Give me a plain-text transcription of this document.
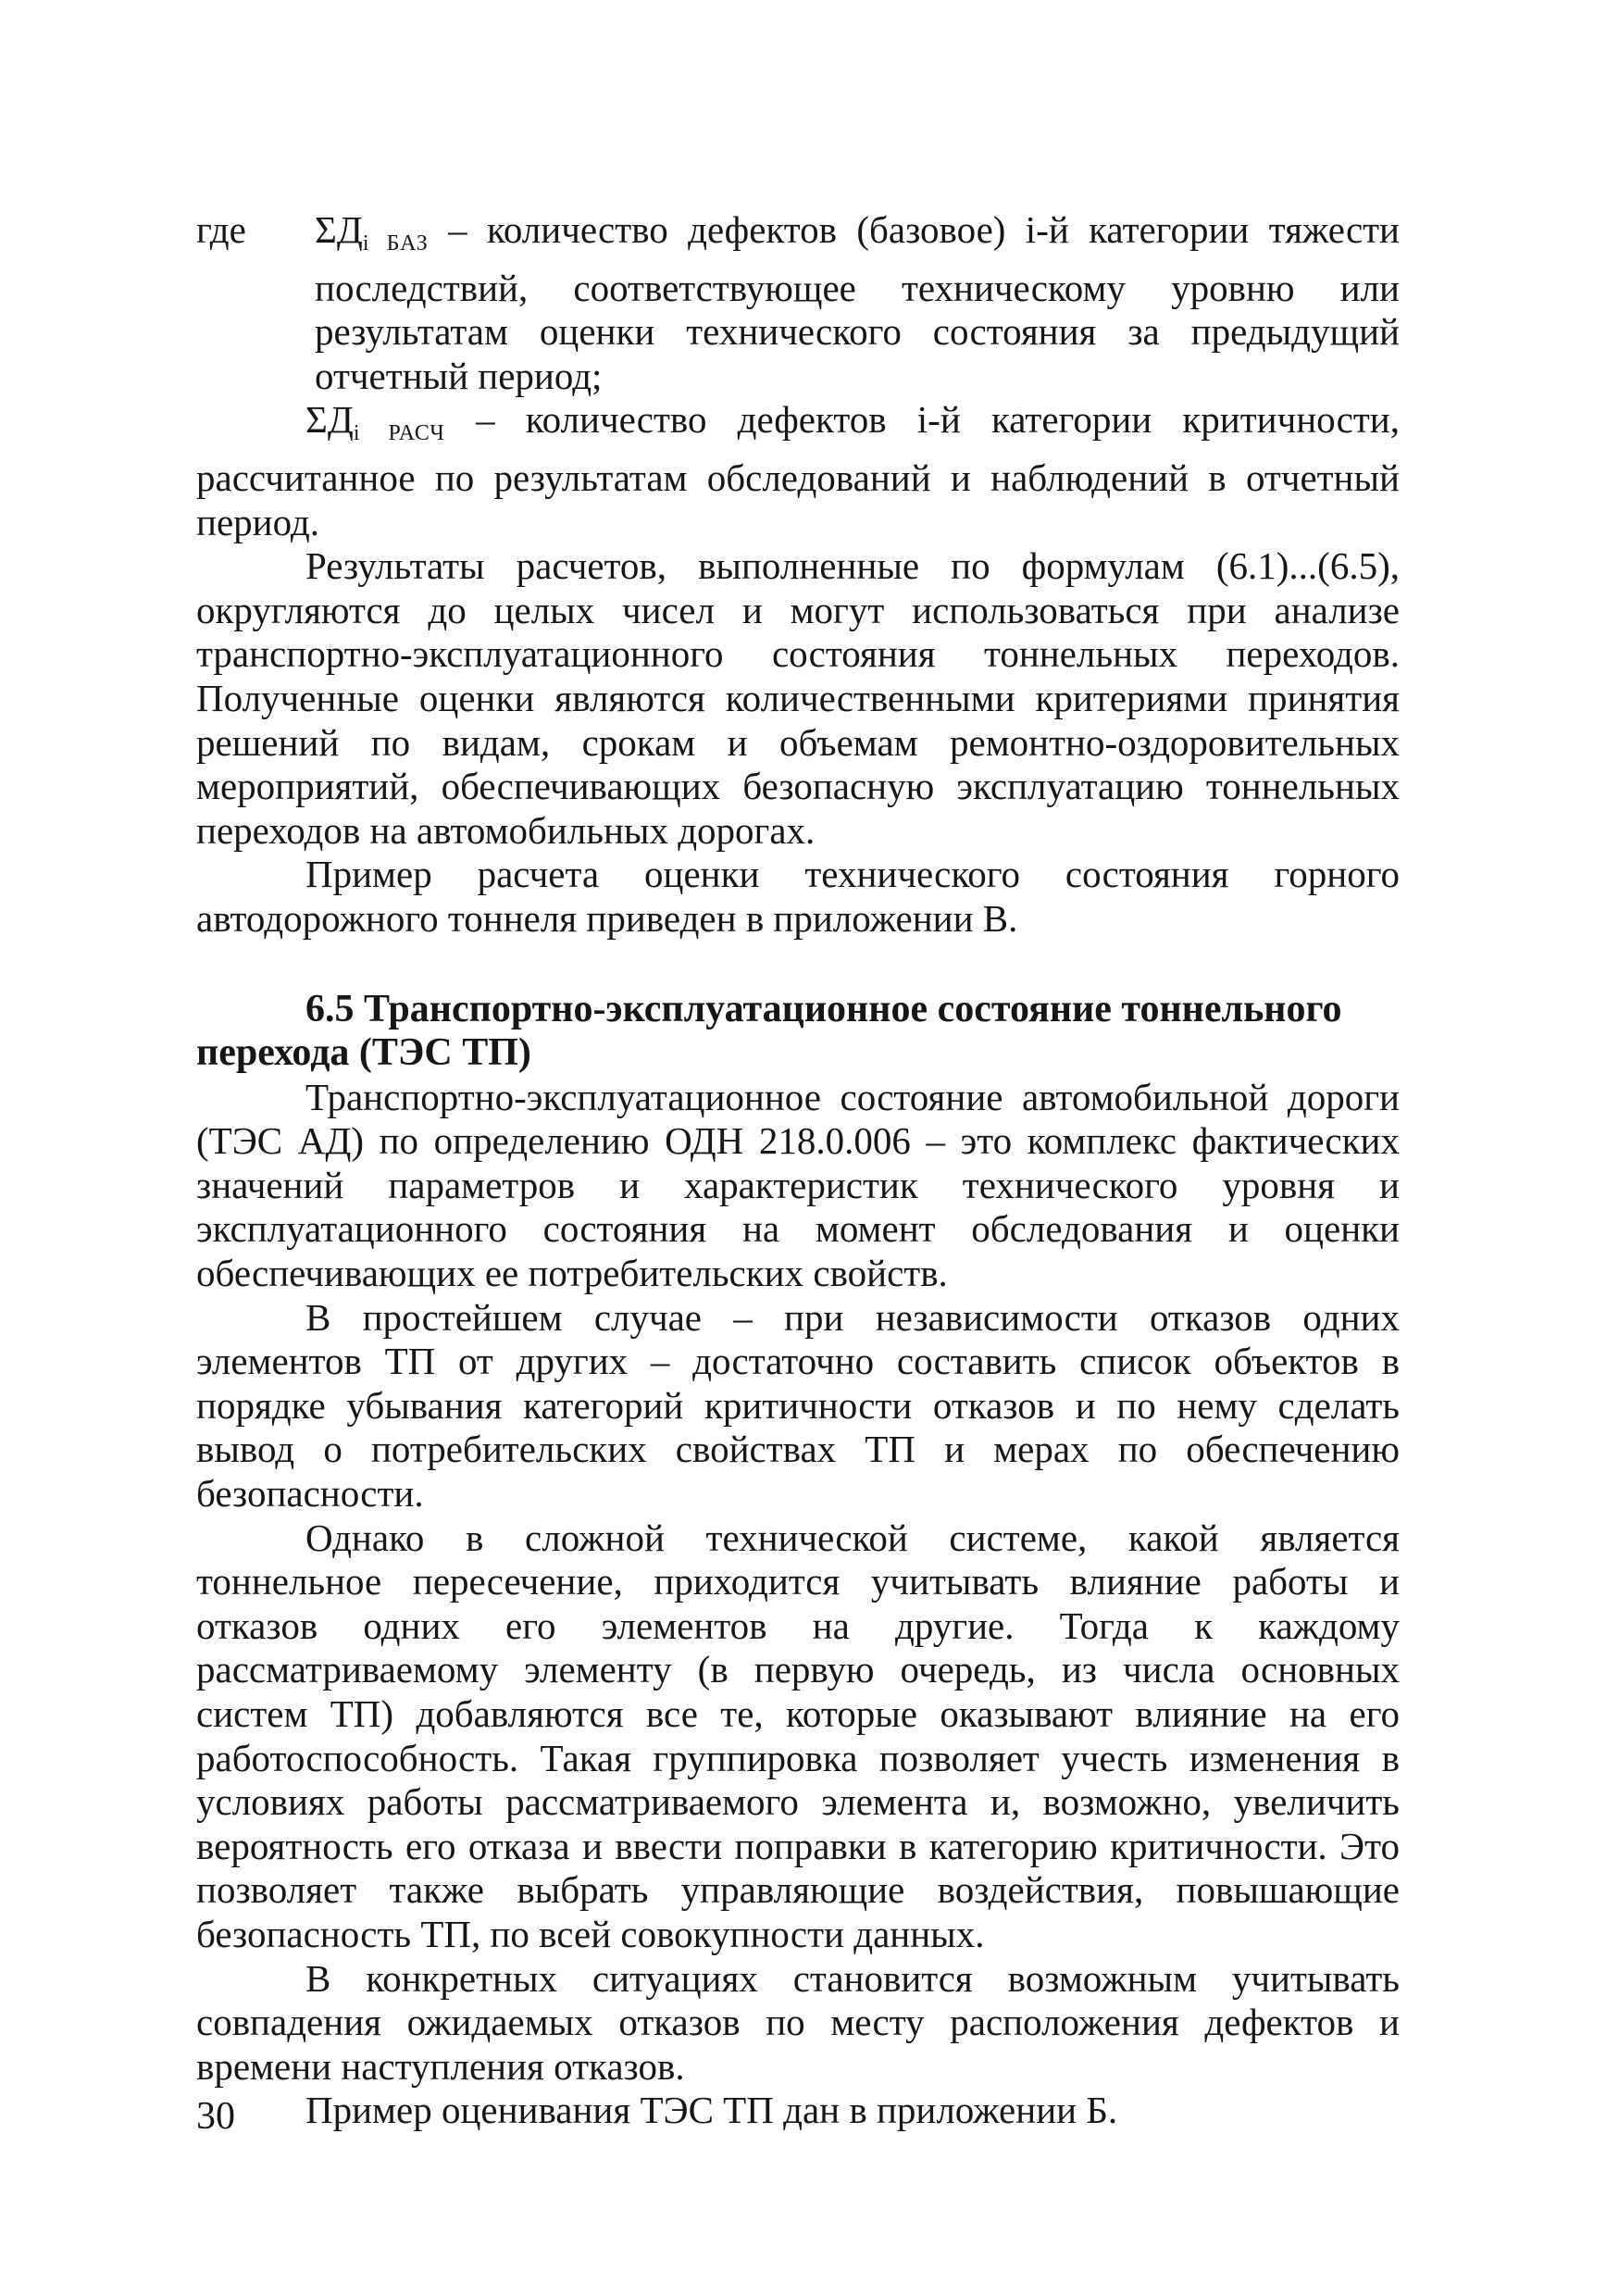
где	$\Sigma Д_{i БАЗ}$ – количество дефектов (базовое) i-й категории тяжести последствий, соответствующее техническому уровню или результатам оценки технического состояния за предыдущий отчетный период;

$\Sigma Д_{i РАСЧ}$ – количество дефектов i-й категории критичности, рассчитанное по результатам обследований и наблюдений в отчетный период.

Результаты расчетов, выполненные по формулам (6.1)...(6.5), округляются до целых чисел и могут использоваться при анализе транспортно-эксплуатационного состояния тоннельных переходов. Полученные оценки являются количественными критериями принятия решений по видам, срокам и объемам ремонтно-оздоровительных мероприятий, обеспечивающих безопасную эксплуатацию тоннельных переходов на автомобильных дорогах.

Пример расчета оценки технического состояния горного автодорожного тоннеля приведен в приложении В.

6.5 Транспортно-эксплуатационное состояние тоннельного перехода (ТЭС ТП)

Транспортно-эксплуатационное состояние автомобильной дороги (ТЭС АД) по определению ОДН 218.0.006 – это комплекс фактических значений параметров и характеристик технического уровня и эксплуатационного состояния на момент обследования и оценки обеспечивающих ее потребительских свойств.

В простейшем случае – при независимости отказов одних элементов ТП от других – достаточно составить список объектов в порядке убывания категорий критичности отказов и по нему сделать вывод о потребительских свойствах ТП и мерах по обеспечению безопасности.

Однако в сложной технической системе, какой является тоннельное пересечение, приходится учитывать влияние работы и отказов одних его элементов на другие. Тогда к каждому рассматриваемому элементу (в первую очередь, из числа основных систем ТП) добавляются все те, которые оказывают влияние на его работоспособность. Такая группировка позволяет учесть изменения в условиях работы рассматриваемого элемента и, возможно, увеличить вероятность его отказа и ввести поправки в категорию критичности. Это позволяет также выбрать управляющие воздействия, повышающие безопасность ТП, по всей совокупности данных.

В конкретных ситуациях становится возможным учитывать совпадения ожидаемых отказов по месту расположения дефектов и времени наступления отказов.

Пример оценивания ТЭС ТП дан в приложении Б.

30
